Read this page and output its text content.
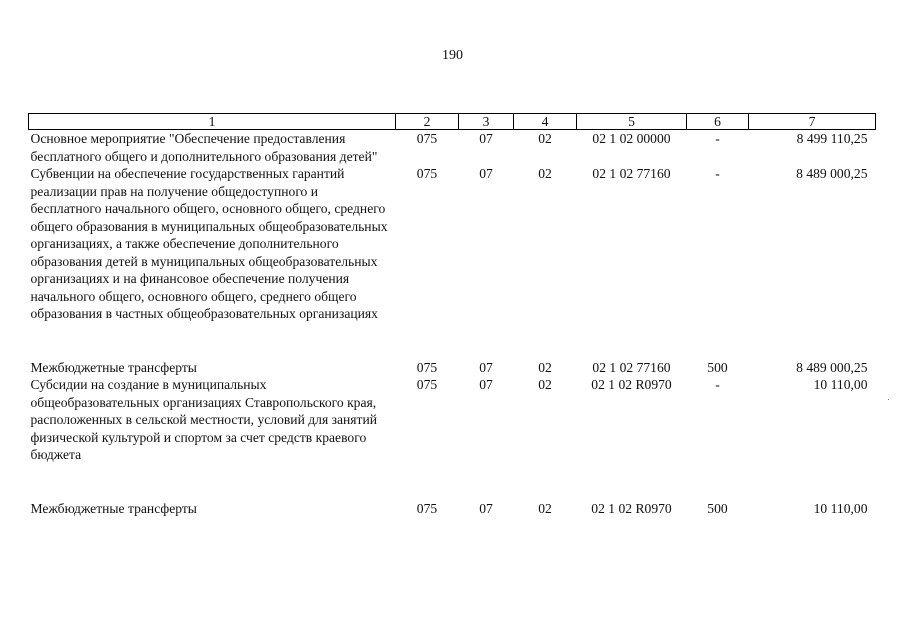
190
1	2	3	4	5	6	7
Основное мероприятие "Обеспечение предоставления бесплатного общего и дополнительного образования детей"	075	07	02	02 1 02 00000	-	8 499 110,25
Субвенции на обеспечение государственных гарантий реализации прав на получение общедоступного и бесплатного начального общего, основного общего, среднего общего образования в муниципальных общеобразовательных организациях, а также обеспечение дополнительного образования детей в муниципальных общеобразовательных организациях и на финансовое обеспечение получения начального общего, основного общего, среднего общего образования в частных общеобразовательных организациях	075	07	02	02 1 02 77160	-	8 489 000,25
Межбюджетные трансферты	075	07	02	02 1 02 77160	500	8 489 000,25
Субсидии на создание в муниципальных общеобразовательных организациях Ставропольского края, расположенных в сельской местности, условий для занятий физической культурой и спортом за счет средств краевого бюджета	075	07	02	02 1 02 R0970	-	10 110,00
Межбюджетные трансферты	075	07	02	02 1 02 R0970	500	10 110,00
